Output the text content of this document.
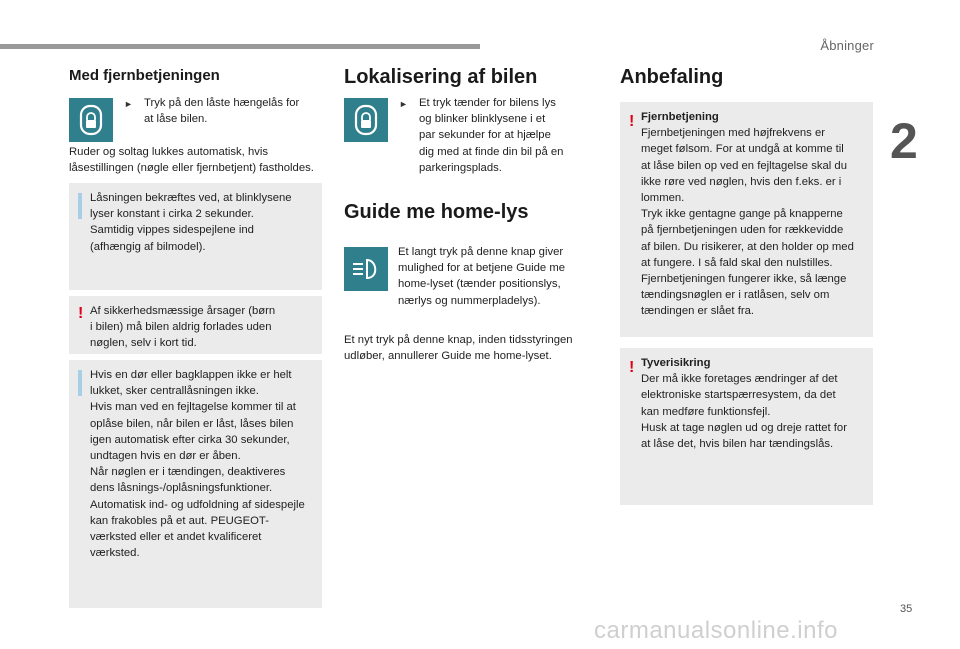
Åbninger
2
Med fjernbetjeningen
► Tryk på den låste hængelås for
at låse bilen.

Ruder og soltag lukkes automatisk, hvis
låsestillingen (nøgle eller fjernbetjent) fastholdes.

Låsningen bekræftes ved, at blinklysene
lyser konstant i cirka 2 sekunder.
Samtidig vippes sidespejlene ind
(afhængig af bilmodel).

! Af sikkerhedsmæssige årsager (børn
i bilen) må bilen aldrig forlades uden
nøglen, selv i kort tid.

Hvis en dør eller bagklappen ikke er helt
lukket, sker centrallåsningen ikke.
Hvis man ved en fejltagelse kommer til at
oplåse bilen, når bilen er låst, låses bilen
igen automatisk efter cirka 30 sekunder,
undtagen hvis en dør er åben.
Når nøglen er i tændingen, deaktiveres
dens låsnings-/oplåsningsfunktioner.
Automatisk ind- og udfoldning af sidespejle
kan frakobles på et aut. PEUGEOT-
værksted eller et andet kvalificeret
værksted.

Lokalisering af bilen
► Et tryk tænder for bilens lys
og blinker blinklysene i et
par sekunder for at hjælpe
dig med at finde din bil på en
parkeringsplads.

Guide me home-lys

Et langt tryk på denne knap giver
mulighed for at betjene Guide me
home-lyset (tænder positionslys,
nærlys og nummerpladelys).

Et nyt tryk på denne knap, inden tidsstyringen
udløber, annullerer Guide me home-lyset.

Anbefaling
! Fjernbetjening
Fjernbetjeningen med højfrekvens er
meget følsom. For at undgå at komme til
at låse bilen op ved en fejltagelse skal du
ikke røre ved nøglen, hvis den f.eks. er i
lommen.
Tryk ikke gentagne gange på knapperne
på fjernbetjeningen uden for rækkevidde
af bilen. Du risikerer, at den holder op med
at fungere. I så fald skal den nulstilles.
Fjernbetjeningen fungerer ikke, så længe
tændingsnøglen er i ratlåsen, selv om
tændingen er slået fra.

! Tyverisikring
Der må ikke foretages ændringer af det
elektroniske startspærresystem, da det
kan medføre funktionsfejl.
Husk at tage nøglen ud og dreje rattet for
at låse det, hvis bilen har tændingslås.

35
carmanualsonline.info
